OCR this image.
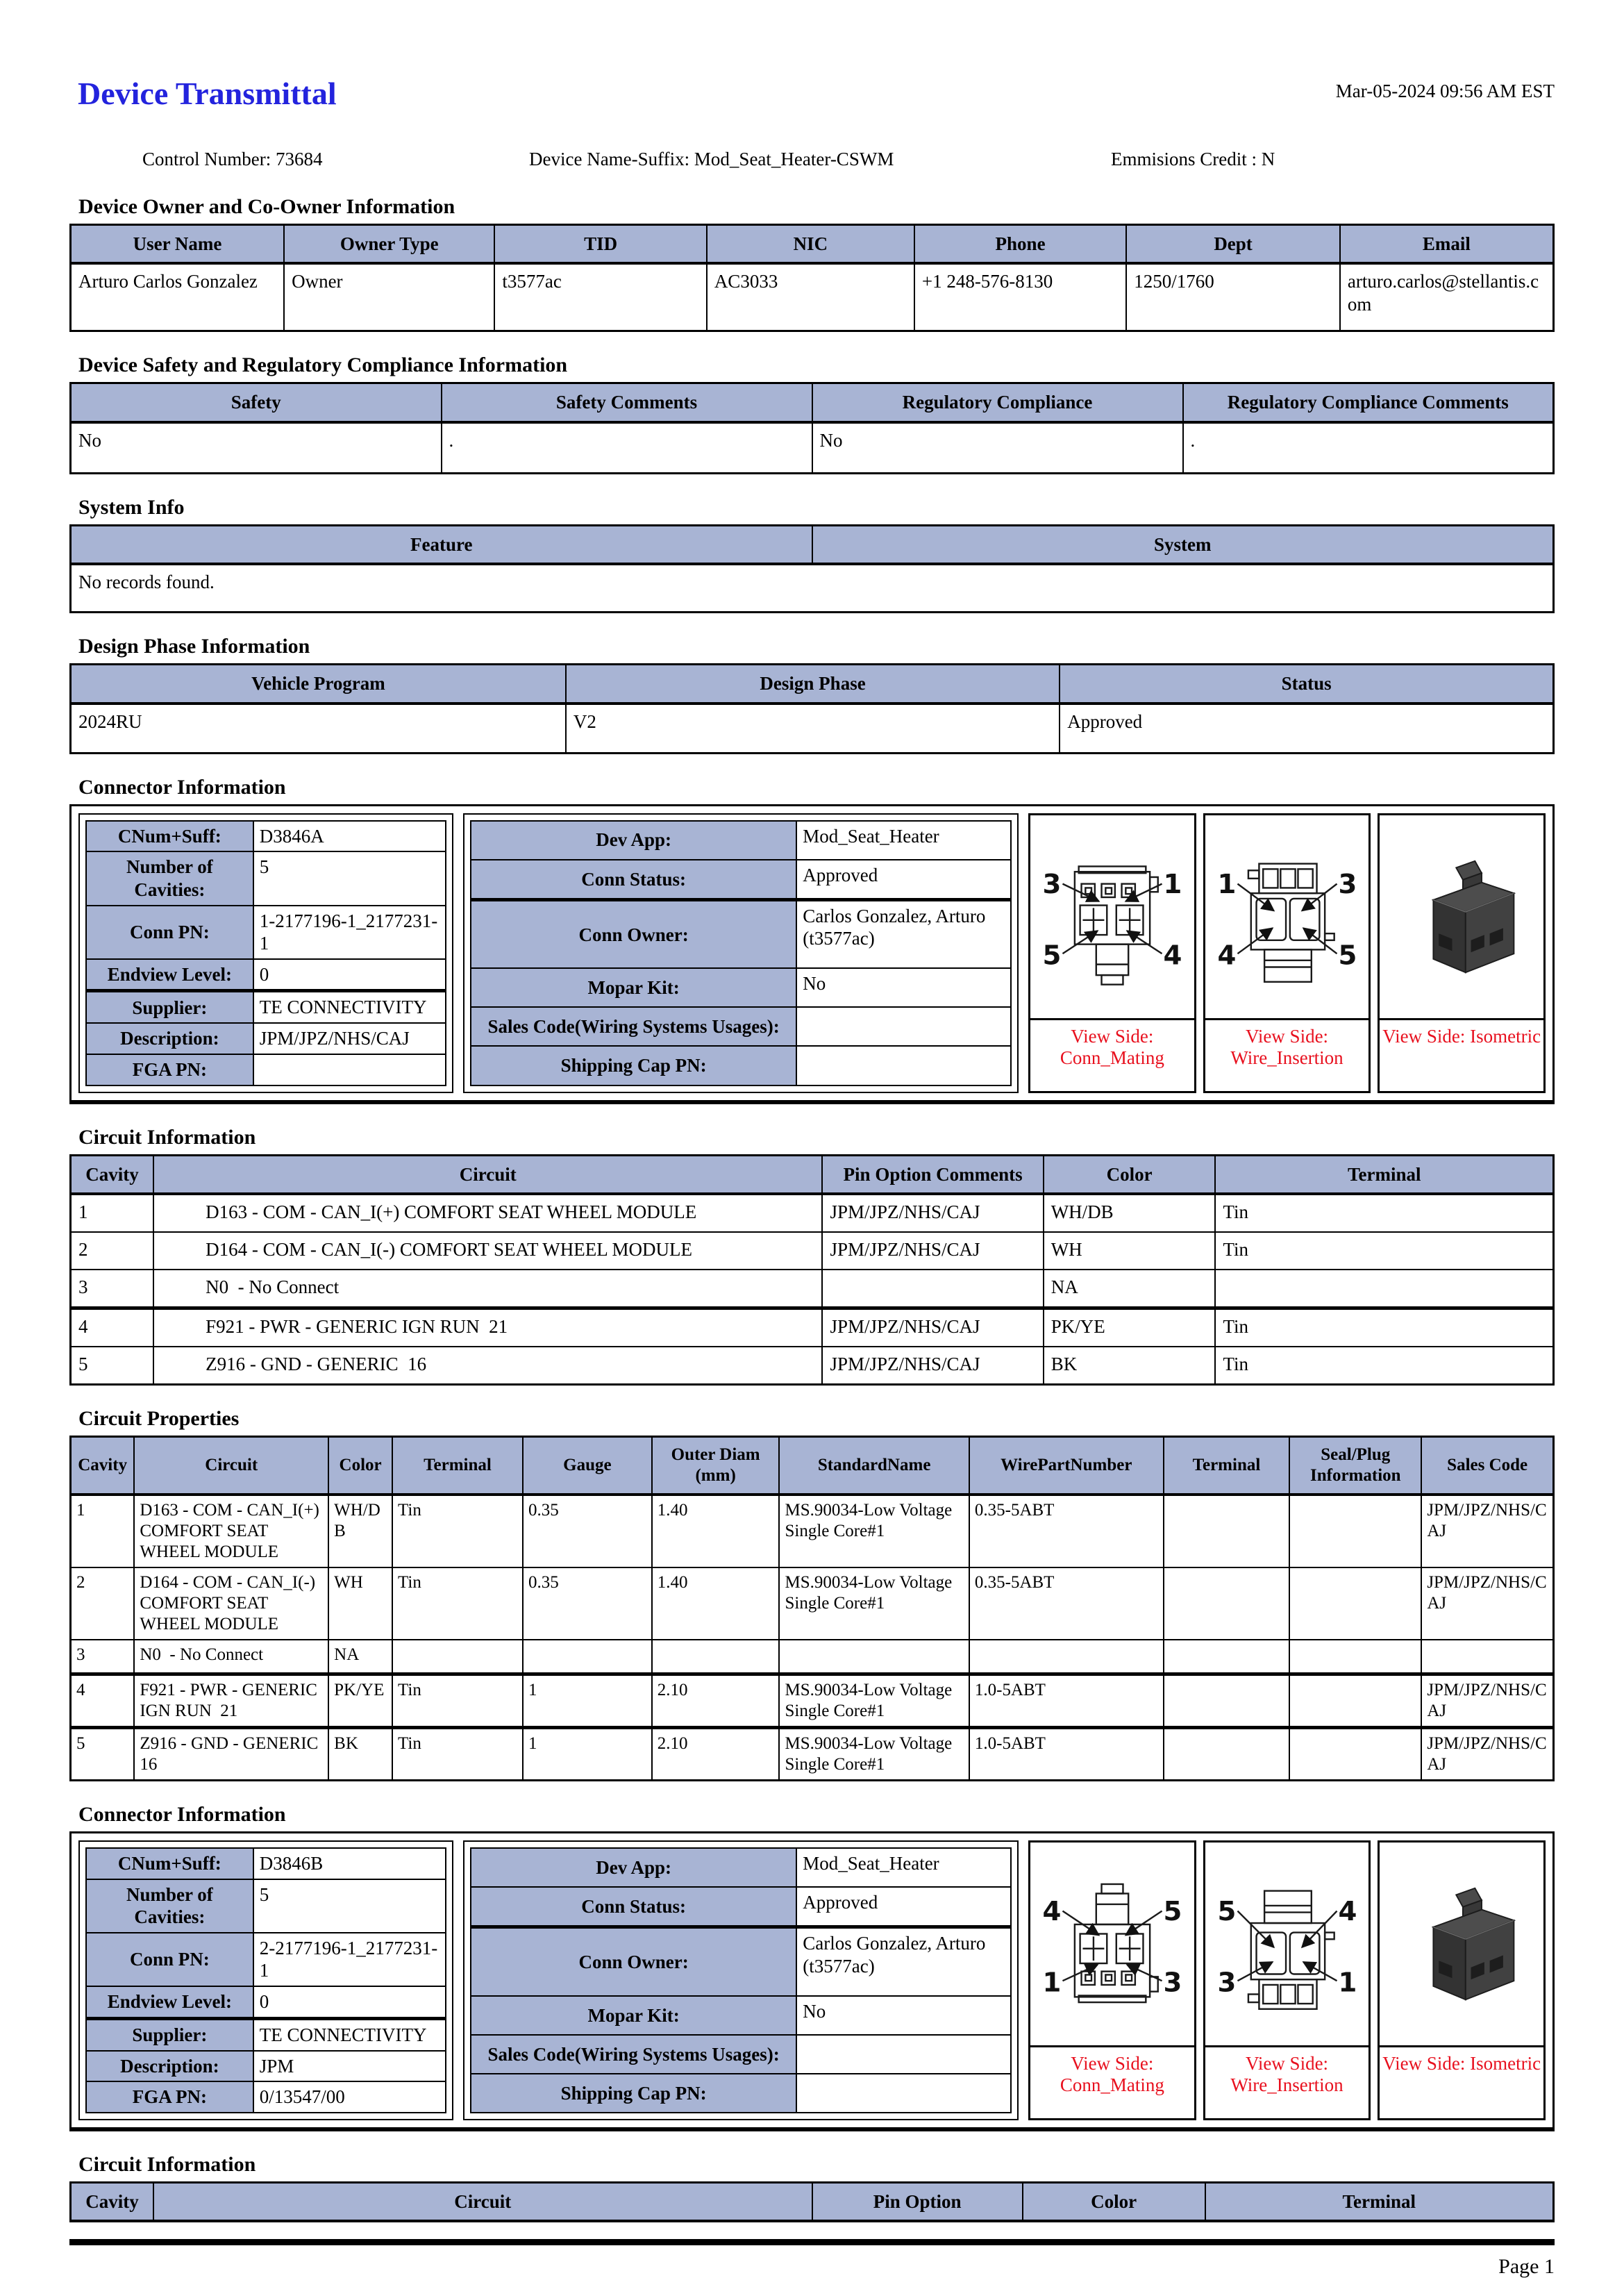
Device Transmittal	Mar-05-2024 09:56 AM EST
Control Number: 73684	Device Name-Suffix: Mod_Seat_Heater-CSWM	Emmisions Credit : N
Device Owner and Co-Owner Information
User Name	Owner Type	TID	NIC	Phone	Dept	Email
Arturo Carlos Gonzalez	Owner	t3577ac	AC3033	+1 248-576-8130	1250/1760	arturo.carlos@stellantis.com
Device Safety and Regulatory Compliance Information
Safety	Safety Comments	Regulatory Compliance	Regulatory Compliance Comments
No	.	No	.
System Info
Feature	System
No records found.
Design Phase Information
Vehicle Program	Design Phase	Status
2024RU	V2	Approved
Connector Information
CNum+Suff:	D3846A
Number of Cavities:	5
Conn PN:	1-2177196-1_2177231-1
Endview Level:	0
Supplier:	TE CONNECTIVITY
Description:	JPM/JPZ/NHS/CAJ
FGA PN:	
Dev App:	Mod_Seat_Heater
Conn Status:	Approved
Conn Owner:	Carlos Gonzalez, Arturo (t3577ac)
Mopar Kit:	No
Sales Code(Wiring Systems Usages):	
Shipping Cap PN:	
3	1
5	4
View Side: Conn_Mating
1	3
4	5
View Side: Wire_Insertion
View Side: Isometric
Circuit Information
Cavity	Circuit	Pin Option Comments	Color	Terminal
1	D163 - COM - CAN_I(+) COMFORT SEAT WHEEL MODULE	JPM/JPZ/NHS/CAJ	WH/DB	Tin
2	D164 - COM - CAN_I(-) COMFORT SEAT WHEEL MODULE	JPM/JPZ/NHS/CAJ	WH	Tin
3	N0  - No Connect		NA	
4	F921 - PWR - GENERIC IGN RUN  21	JPM/JPZ/NHS/CAJ	PK/YE	Tin
5	Z916 - GND - GENERIC  16	JPM/JPZ/NHS/CAJ	BK	Tin
Circuit Properties
Cavity	Circuit	Color	Terminal	Gauge	Outer Diam (mm)	StandardName	WirePartNumber	Terminal	Seal/Plug Information	Sales Code
1	D163 - COM - CAN_I(+) COMFORT SEAT WHEEL MODULE	WH/DB	Tin	0.35	1.40	MS.90034-Low Voltage Single Core#1	0.35-5ABT			JPM/JPZ/NHS/CAJ
2	D164 - COM - CAN_I(-) COMFORT SEAT WHEEL MODULE	WH	Tin	0.35	1.40	MS.90034-Low Voltage Single Core#1	0.35-5ABT			JPM/JPZ/NHS/CAJ
3	N0  - No Connect	NA								
4	F921 - PWR - GENERIC IGN RUN  21	PK/YE	Tin	1	2.10	MS.90034-Low Voltage Single Core#1	1.0-5ABT			JPM/JPZ/NHS/CAJ
5	Z916 - GND - GENERIC  16	BK	Tin	1	2.10	MS.90034-Low Voltage Single Core#1	1.0-5ABT			JPM/JPZ/NHS/CAJ
Connector Information
CNum+Suff:	D3846B
Number of Cavities:	5
Conn PN:	2-2177196-1_2177231-1
Endview Level:	0
Supplier:	TE CONNECTIVITY
Description:	JPM
FGA PN:	0/13547/00
Dev App:	Mod_Seat_Heater
Conn Status:	Approved
Conn Owner:	Carlos Gonzalez, Arturo (t3577ac)
Mopar Kit:	No
Sales Code(Wiring Systems Usages):	
Shipping Cap PN:	
4	5
1	3
View Side: Conn_Mating
5	4
3	1
View Side: Wire_Insertion
View Side: Isometric
Circuit Information
Cavity	Circuit	Pin Option	Color	Terminal
Page 1
